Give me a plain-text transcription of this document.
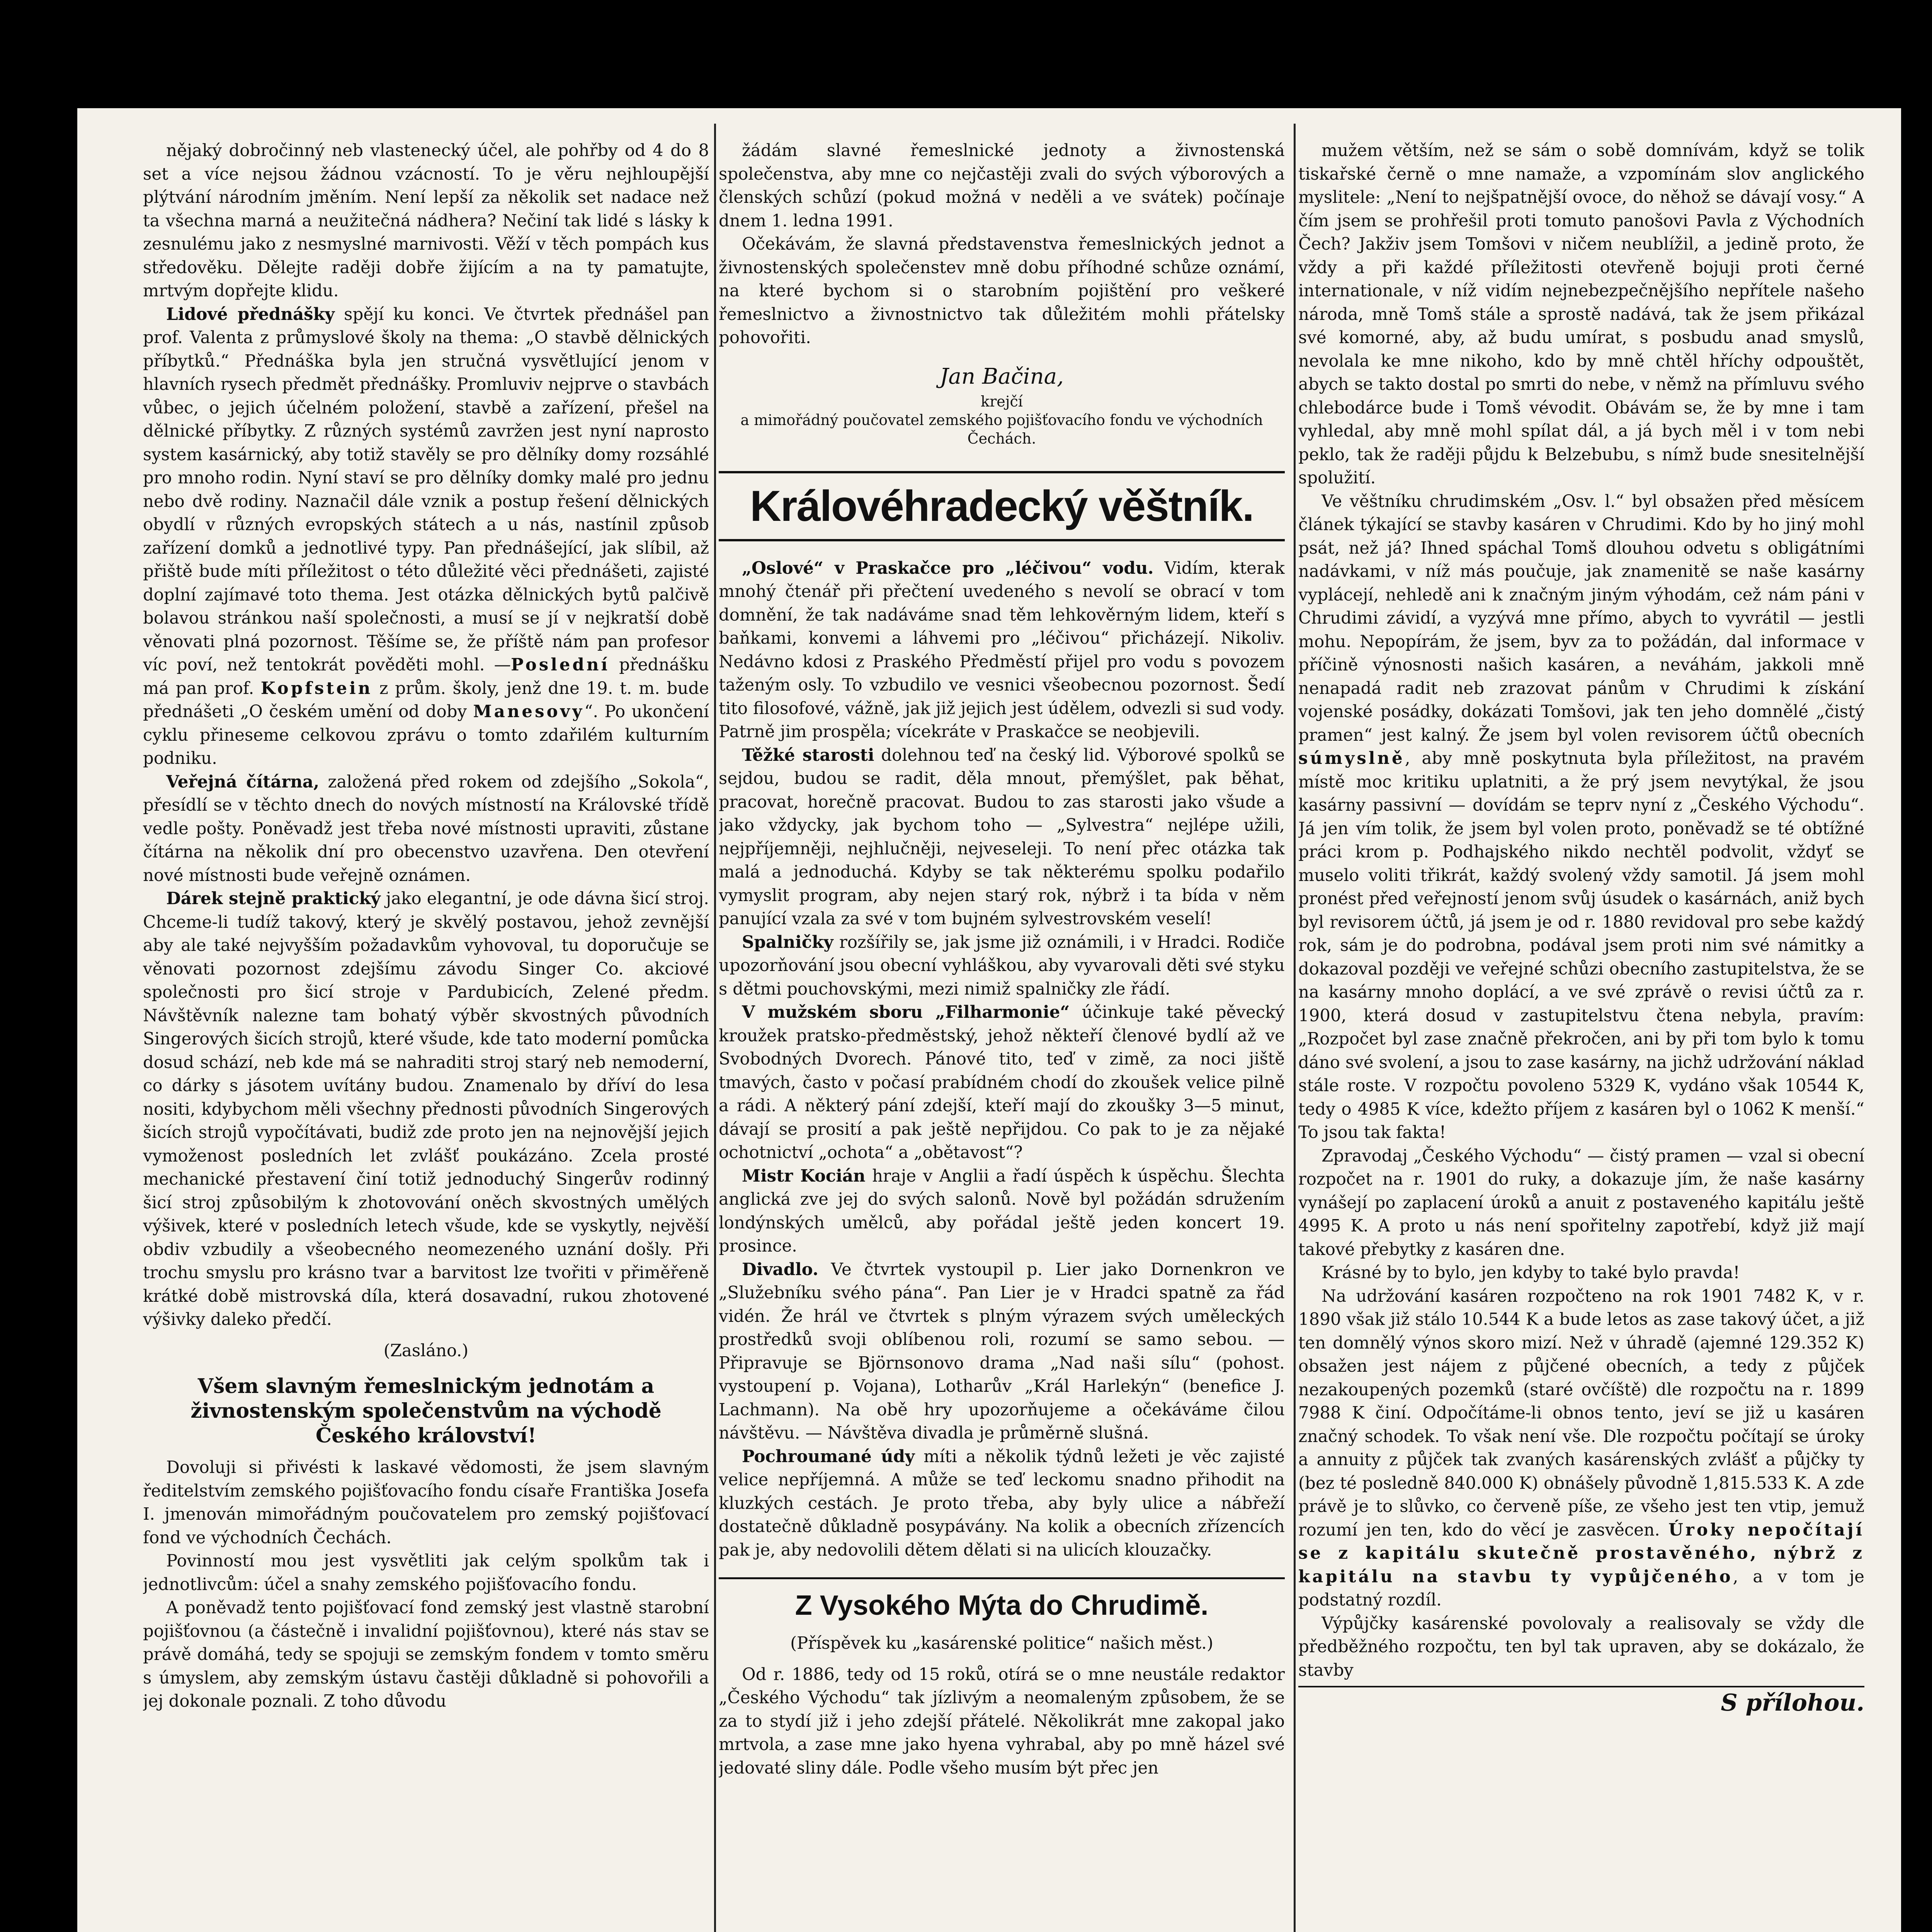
nějaký dobročinný neb vlastenecký účel, ale pohřby od 4 do 8 set a více nejsou žádnou vzácností. To je věru nejhloupější plýtvání národním jměním. Není lepší za několik set nadace než ta všechna marná a neužitečná nádhera? Nečiní tak lidé s lásky k zesnulému jako z nesmyslné marnivosti. Věží v těch pompách kus středověku. Dělejte raději dobře žijícím a na ty pamatujte, mrtvým dopřejte klidu.

Lidové přednášky spějí ku konci. Ve čtvrtek přednášel pan prof. Valenta z průmyslové školy na thema: „O stavbě dělnických příbytků.“ Přednáška byla jen stručná vysvětlující jenom v hlavních rysech předmět přednášky. Promluviv nejprve o stavbách vůbec, o jejich účelném položení, stavbě a zařízení, přešel na dělnické příbytky. Z různých systémů zavržen jest nyní naprosto system kasárnický, aby totiž stavěly se pro dělníky domy rozsáhlé pro mnoho rodin. Nyní staví se pro dělníky domky malé pro jednu nebo dvě rodiny. Naznačil dále vznik a postup řešení dělnických obydlí v různých evropských státech a u nás, nastínil způsob zařízení domků a jednotlivé typy. Pan přednášející, jak slíbil, až přiště bude míti příležitost o této důležité věci přednášeti, zajisté doplní zajímavé toto thema. Jest otázka dělnických bytů palčivě bolavou stránkou naší společnosti, a musí se jí v nejkratší době věnovati plná pozornost. Těšíme se, že příště nám pan profesor víc poví, než tentokrát pověděti mohl. —Poslední přednášku má pan prof. Kopfstein z prům. školy, jenž dne 19. t. m. bude přednášeti „O českém umění od doby Manesovy“. Po ukončení cyklu přineseme celkovou zprávu o tomto zdařilém kulturním podniku.

Veřejná čítárna, založená před rokem od zdejšího „Sokola“, přesídlí se v těchto dnech do nových místností na Královské třídě vedle pošty. Poněvadž jest třeba nové místnosti upraviti, zůstane čítárna na několik dní pro obecenstvo uzavřena. Den otevření nové místnosti bude veřejně oznámen.

Dárek stejně praktický jako elegantní, je ode dávna šicí stroj. Chceme-li tudíž takový, který je skvělý postavou, jehož zevnější aby ale také nejvyšším požadavkům vyhovoval, tu doporučuje se věnovati pozornost zdejšímu závodu Singer Co. akciové společnosti pro šicí stroje v Pardubicích, Zelené předm. Návštěvník nalezne tam bohatý výběr skvostných původních Singerových šicích strojů, které všude, kde tato moderní pomůcka dosud schází, neb kde má se nahraditi stroj starý neb nemoderní, co dárky s jásotem uvítány budou. Znamenalo by dříví do lesa nositi, kdybychom měli všechny přednosti původních Singerových šicích strojů vypočítávati, budiž zde proto jen na nejnovější jejich vymoženost posledních let zvlášť poukázáno. Zcela prosté mechanické přestavení činí totiž jednoduchý Singerův rodinný šicí stroj způsobilým k zhotovování oněch skvostných umělých výšivek, které v posledních letech všude, kde se vyskytly, nejvěší obdiv vzbudily a všeobecného neomezeného uznání došly. Při trochu smyslu pro krásno tvar a barvitost lze tvořiti v přiměřeně krátké době mistrovská díla, která dosavadní, rukou zhotovené výšivky daleko předčí.

(Zasláno.)

Všem slavným řemeslnickým jednotám a živnostenským společenstvům na východě Českého království!

Dovoluji si přivésti k laskavé vědomosti, že jsem slavným ředitelstvím zemského pojišťovacího fondu císaře Františka Josefa I. jmenován mimořádným poučovatelem pro zemský pojišťovací fond ve východních Čechách.

Povinností mou jest vysvětliti jak celým spolkům tak i jednotlivcům: účel a snahy zemského pojišťovacího fondu.

A poněvadž tento pojišťovací fond zemský jest vlastně starobní pojišťovnou (a částečně i invalidní pojišťovnou), které nás stav se právě domáhá, tedy se spojuji se zemským fondem v tomto směru s úmyslem, aby zemským ústavu častěji důkladně si pohovořili a jej dokonale poznali. Z toho důvodu

žádám slavné řemeslnické jednoty a živnostenská společenstva, aby mne co nejčastěji zvali do svých výborových a členských schůzí (pokud možná v neděli a ve svátek) počínaje dnem 1. ledna 1991.

Očekávám, že slavná představenstva řemeslnických jednot a živnostenských společenstev mně dobu příhodné schůze oznámí, na které bychom si o starobním pojištění pro veškeré řemeslnictvo a živnostnictvo tak důležitém mohli přátelsky pohovořiti.

Jan Bačina,

krejčí

a mimořádný poučovatel zemského pojišťovacího fondu ve východních Čechách.

Královéhradecký věštník.

„Oslové“ v Praskačce pro „léčivou“ vodu. Vidím, kterak mnohý čtenář při přečtení uvedeného s nevolí se obrací v tom domnění, že tak nadáváme snad těm lehkověrným lidem, kteří s baňkami, konvemi a láhvemi pro „léčivou“ přicházejí. Nikoliv. Nedávno kdosi z Praského Předměstí přijel pro vodu s povozem taženým osly. To vzbudilo ve vesnici všeobecnou pozornost. Šedí tito filosofové, vážně, jak již jejich jest údělem, odvezli si sud vody. Patrně jim prospěla; vícekráte v Praskačce se neobjevili.

Těžké starosti dolehnou teď na český lid. Výborové spolků se sejdou, budou se radit, děla mnout, přemýšlet, pak běhat, pracovat, horečně pracovat. Budou to zas starosti jako všude a jako vždycky, jak bychom toho — „Sylvestra“ nejlépe užili, nejpříjemněji, nejhlučněji, nejveseleji. To není přec otázka tak malá a jednoduchá. Kdyby se tak některému spolku podařilo vymyslit program, aby nejen starý rok, nýbrž i ta bída v něm panující vzala za své v tom bujném sylvestrovském veselí!

Spalničky rozšířily se, jak jsme již oznámili, i v Hradci. Rodiče upozorňování jsou obecní vyhláškou, aby vyvarovali děti své styku s dětmi pouchovskými, mezi nimiž spalničky zle řádí.

V mužském sboru „Filharmonie“ účinkuje také pěvecký kroužek pratsko-předměstský, jehož někteří členové bydlí až ve Svobodných Dvorech. Pánové tito, teď v zimě, za noci jiště tmavých, často v počasí prabídném chodí do zkoušek velice pilně a rádi. A některý pání zdejší, kteří mají do zkoušky 3—5 minut, dávají se prosití a pak ještě nepřijdou. Co pak to je za nějaké ochotnictví „ochota“ a „obětavost“?

Mistr Kocián hraje v Anglii a řadí úspěch k úspěchu. Šlechta anglická zve jej do svých salonů. Nově byl požádán sdružením londýnských umělců, aby pořádal ještě jeden koncert 19. prosince.

Divadlo. Ve čtvrtek vystoupil p. Lier jako Dornenkron ve „Služebníku svého pána“. Pan Lier je v Hradci spatně za řád vidén. Že hrál ve čtvrtek s plným výrazem svých uměleckých prostředků svoji oblíbenou roli, rozumí se samo sebou. — Připravuje se Björnsonovo drama „Nad naši sílu“ (pohost. vystoupení p. Vojana), Lotharův „Král Harlekýn“ (benefice J. Lachmann). Na obě hry upozorňujeme a očekáváme čilou návštěvu. — Návštěva divadla je průměrně slušná.

Pochroumané údy míti a několik týdnů ležeti je věc zajisté velice nepříjemná. A může se teď leckomu snadno přihodit na kluzkých cestách. Je proto třeba, aby byly ulice a nábřeží dostatečně důkladně posypávány. Na kolik a obecních zřízencích pak je, aby nedovolili dětem dělati si na ulicích klouzačky.

Z Vysokého Mýta do Chrudimě.

(Příspěvek ku „kasárenské politice“ našich měst.)

Od r. 1886, tedy od 15 roků, otírá se o mne neustále redaktor „Českého Východu“ tak jízlivým a neomaleným způsobem, že se za to stydí již i jeho zdejší přátelé. Několikrát mne zakopal jako mrtvola, a zase mne jako hyena vyhrabal, aby po mně házel své jedovaté sliny dále. Podle všeho musím být přec jen

mužem větším, než se sám o sobě domnívám, když se tolik tiskařské černě o mne namaže, a vzpomínám slov anglického myslitele: „Není to nejšpatnější ovoce, do něhož se dávají vosy.“ A čím jsem se prohřešil proti tomuto panošovi Pavla z Východních Čech? Jakživ jsem Tomšovi v ničem neublížil, a jedině proto, že vždy a při každé příležitosti otevřeně bojuji proti černé internationale, v níž vidím nejnebezpečnějšího nepřítele našeho národa, mně Tomš stále a sprostě nadává, tak že jsem přikázal své komorné, aby, až budu umírat, s posbudu anad smyslů, nevolala ke mne nikoho, kdo by mně chtěl hříchy odpouštět, abych se takto dostal po smrti do nebe, v němž na přímluvu svého chlebodárce bude i Tomš vévodit. Obávám se, že by mne i tam vyhledal, aby mně mohl spílat dál, a já bych měl i v tom nebi peklo, tak že raději půjdu k Belzebubu, s nímž bude snesitelnější spolužití.

Ve věštníku chrudimském „Osv. l.“ byl obsažen před měsícem článek týkající se stavby kasáren v Chrudimi. Kdo by ho jiný mohl psát, než já? Ihned spáchal Tomš dlouhou odvetu s obligátními nadávkami, v níž más poučuje, jak znamenitě se naše kasárny vyplácejí, nehledě ani k značným jiným výhodám, cež nám páni v Chrudimi závidí, a vyzývá mne přímo, abych to vyvrátil — jestli mohu. Nepopírám, že jsem, byv za to požádán, dal informace v příčině výnosnosti našich kasáren, a neváhám, jakkoli mně nenapadá radit neb zrazovat pánům v Chrudimi k získání vojenské posádky, dokázati Tomšovi, jak ten jeho domnělé „čistý pramen“ jest kalný. Že jsem byl volen revisorem účtů obecních súmyslně, aby mně poskytnuta byla příležitost, na pravém místě moc kritiku uplatniti, a že prý jsem nevytýkal, že jsou kasárny passivní — dovídám se teprv nyní z „Českého Východu“. Já jen vím tolik, že jsem byl volen proto, poněvadž se té obtížné práci krom p. Podhajského nikdo nechtěl podvolit, vždyť se muselo voliti třikrát, každý svolený vždy samotil. Já jsem mohl pronést před veřejností jenom svůj úsudek o kasárnách, aniž bych byl revisorem účtů, já jsem je od r. 1880 revidoval pro sebe každý rok, sám je do podrobna, podával jsem proti nim své námitky a dokazoval později ve veřejné schůzi obecního zastupitelstva, že se na kasárny mnoho doplácí, a ve své zprávě o revisi účtů za r. 1900, která dosud v zastupitelstvu čtena nebyla, pravím: „Rozpočet byl zase značně překročen, ani by při tom bylo k tomu dáno své svolení, a jsou to zase kasárny, na jichž udržování náklad stále roste. V rozpočtu povoleno 5329 K, vydáno však 10544 K, tedy o 4985 K více, kdežto příjem z kasáren byl o 1062 K menší.“ To jsou tak fakta!

Zpravodaj „Českého Východu“ — čistý pramen — vzal si obecní rozpočet na r. 1901 do ruky, a dokazuje jím, že naše kasárny vynášejí po zaplacení úroků a anuit z postaveného kapitálu ještě 4995 K. A proto u nás není spořitelny zapotřebí, když již mají takové přebytky z kasáren dne.

Krásné by to bylo, jen kdyby to také bylo pravda!

Na udržování kasáren rozpočteno na rok 1901 7482 K, v r. 1890 však již stálo 10.544 K a bude letos as zase takový účet, a již ten domnělý výnos skoro mizí. Než v úhradě (ajemné 129.352 K) obsažen jest nájem z půjčené obecních, a tedy z půjček nezakoupených pozemků (staré ovčíště) dle rozpočtu na r. 1899 7988 K činí. Odpočítáme-li obnos tento, jeví se již u kasáren značný schodek. To však není vše. Dle rozpočtu počítají se úroky a annuity z půjček tak zvaných kasárenských zvlášť a půjčky ty (bez té posledně 840.000 K) obnášely původně 1,815.533 K. A zde právě je to slůvko, co červeně píše, ze všeho jest ten vtip, jemuž rozumí jen ten, kdo do věcí je zasvěcen. Úroky nepočítají se z kapitálu skutečně prostavěného, nýbrž z kapitálu na stavbu ty vypůjčeného, a v tom je podstatný rozdíl.

Výpůjčky kasárenské povolovaly a realisovaly se vždy dle předběžného rozpočtu, ten byl tak upraven, aby se dokázalo, že stavby

S přílohou.
